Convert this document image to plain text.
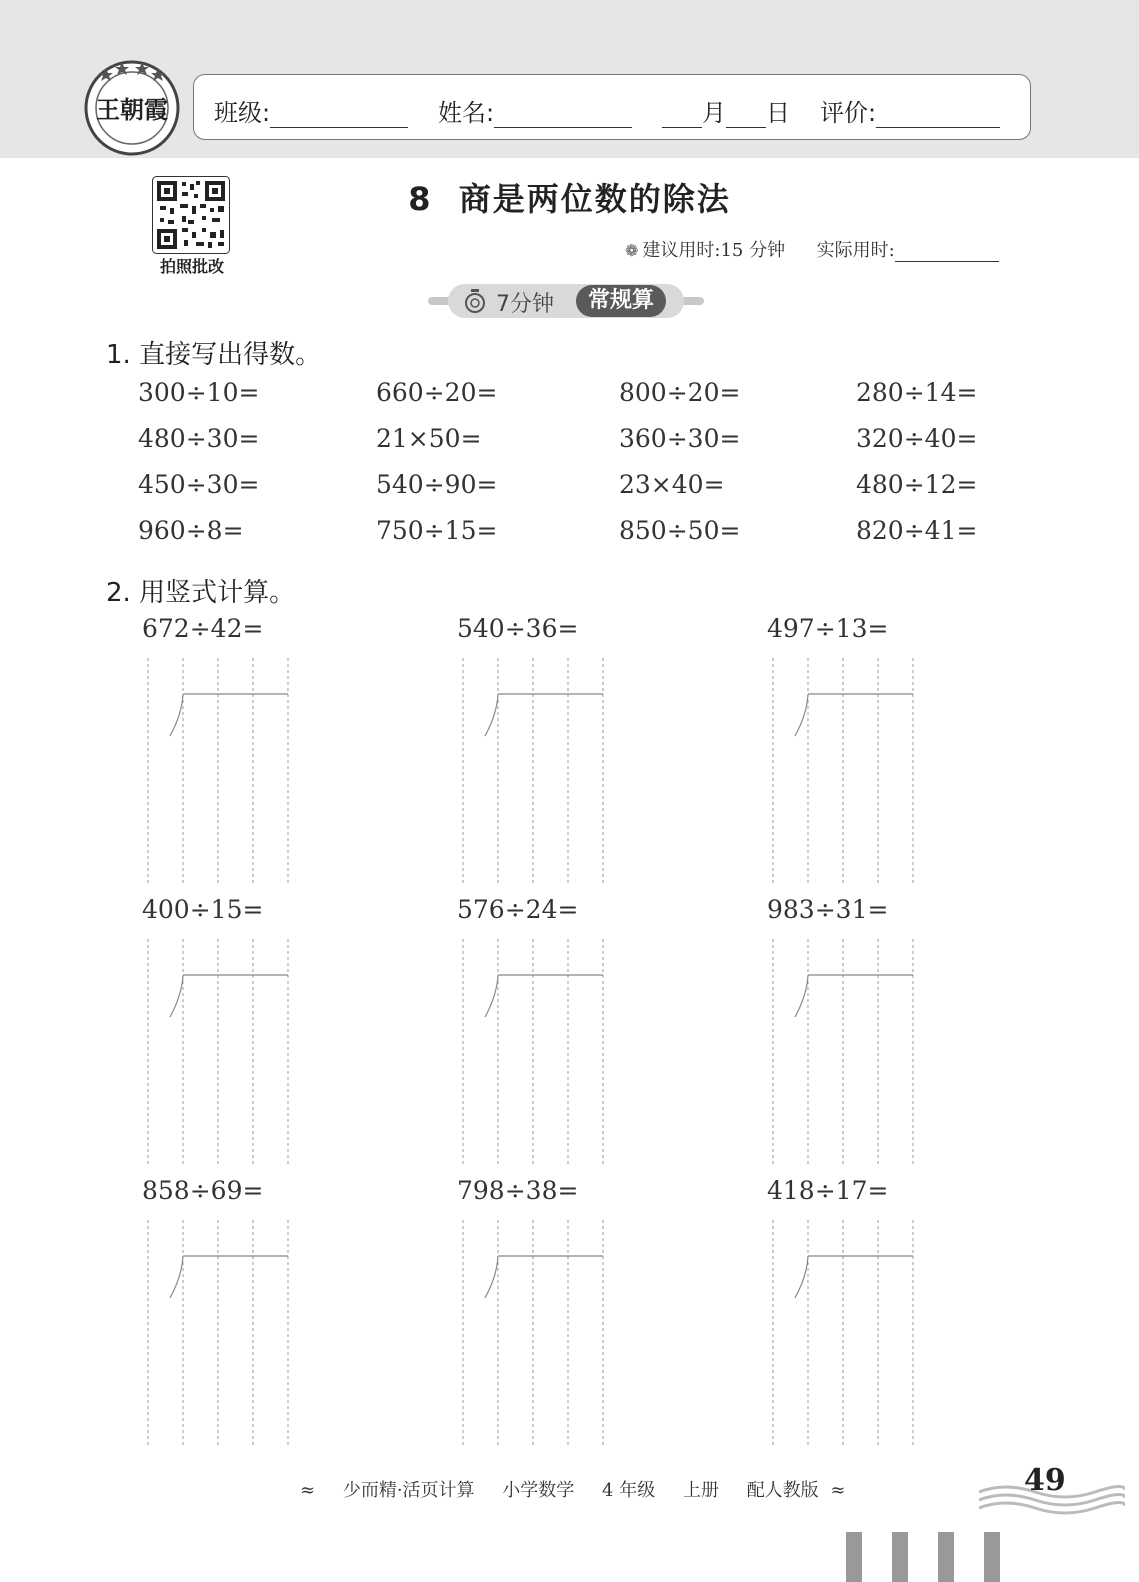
王朝霞 班级:	姓名:	月 日 评价:
拍照批改
8  商是两位数的除法
❁ 建议用时:15 分钟 实际用时:
7分钟	常规算
1. 直接写出得数。
300÷10=	660÷20=	800÷20=	280÷14=
480÷30=	21×50=	360÷30=	320÷40=
450÷30=	540÷90=	23×40=	480÷12=
960÷8=	750÷15=	850÷50=	820÷41=
2. 用竖式计算。
672÷42=	540÷36=	497÷13=
400÷15=	576÷24=	983÷31=
858÷69=	798÷38=	418÷17=
≈ 少而精·活页计算 小学数学 4 年级 上册 配人教版 ≈	49
